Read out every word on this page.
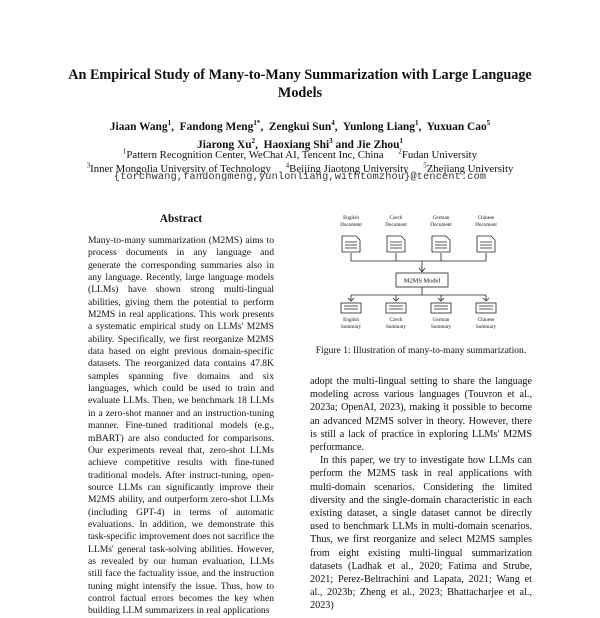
An Empirical Study of Many-to-Many Summarization with Large Language Models
Jiaan Wang$^1$,  Fandong Meng$^{1*}$,  Zengkui Sun$^4$,  Yunlong Liang$^1$,  Yuxuan Cao$^5$
Jiarong Xu$^2$,  Haoxiang Shi$^3$ and Jie Zhou$^1$
$^1$Pattern Recognition Center, WeChat AI, Tencent Inc, China $^2$Fudan University
$^3$Inner Mongolia University of Technology $^4$Beijing Jiaotong University $^5$Zhejiang University
{torchwang,fandongmeng,yunlonliang,withtomzhou}@tencent.com
Abstract

Many-to-many summarization (M2MS) aims to process documents in any language and generate the corresponding summaries also in any language. Recently, large language models (LLMs) have shown strong multi-lingual abilities, giving them the potential to perform M2MS in real applications. This work presents a systematic empirical study on LLMs' M2MS ability. Specifically, we first reorganize M2MS data based on eight previous domain-specific datasets. The reorganized data contains 47.8K samples spanning five domains and six languages, which could be used to train and evaluate LLMs. Then, we benchmark 18 LLMs in a zero-shot manner and an instruction-tuning manner. Fine-tuned traditional models (e.g., mBART) are also conducted for comparisons. Our experiments reveal that, zero-shot LLMs achieve competitive results with fine-tuned traditional models. After instruct-tuning, open-source LLMs can significantly improve their M2MS ability, and outperform zero-shot LLMs (including GPT-4) in terms of automatic evaluations. In addition, we demonstrate this task-specific improvement does not sacrifice the LLMs' general task-solving abilities. However, as revealed by our human evaluation, LLMs still face the factuality issue, and the instruction tuning might intensify the issue. Thus, how to control factual errors becomes the key when building LLM summarizers in real applications

English
Document
Czech
Document
German
Document
Chinese
Document
M2MS Model
English
Summary
Czech
Summary
German
Summary
Chinese
Summary
Figure 1: Illustration of many-to-many summarization.

adopt the multi-lingual setting to share the language modeling across various languages (Touvron et al., 2023a; OpenAI, 2023), making it possible to become an advanced M2MS solver in theory. However, there is still a lack of practice in exploring LLMs' M2MS performance.

In this paper, we try to investigate how LLMs can perform the M2MS task in real applications with multi-domain scenarios. Considering the limited diversity and the single-domain characteristic in each existing dataset, a single dataset cannot be directly used to benchmark LLMs in multi-domain scenarios. Thus, we first reorganize and select M2MS samples from eight existing multi-lingual summarization datasets (Ladhak et al., 2020; Fatima and Strube, 2021; Perez-Beltrachini and Lapata, 2021; Wang et al., 2023b; Zheng et al., 2023; Bhattacharjee et al., 2023)
